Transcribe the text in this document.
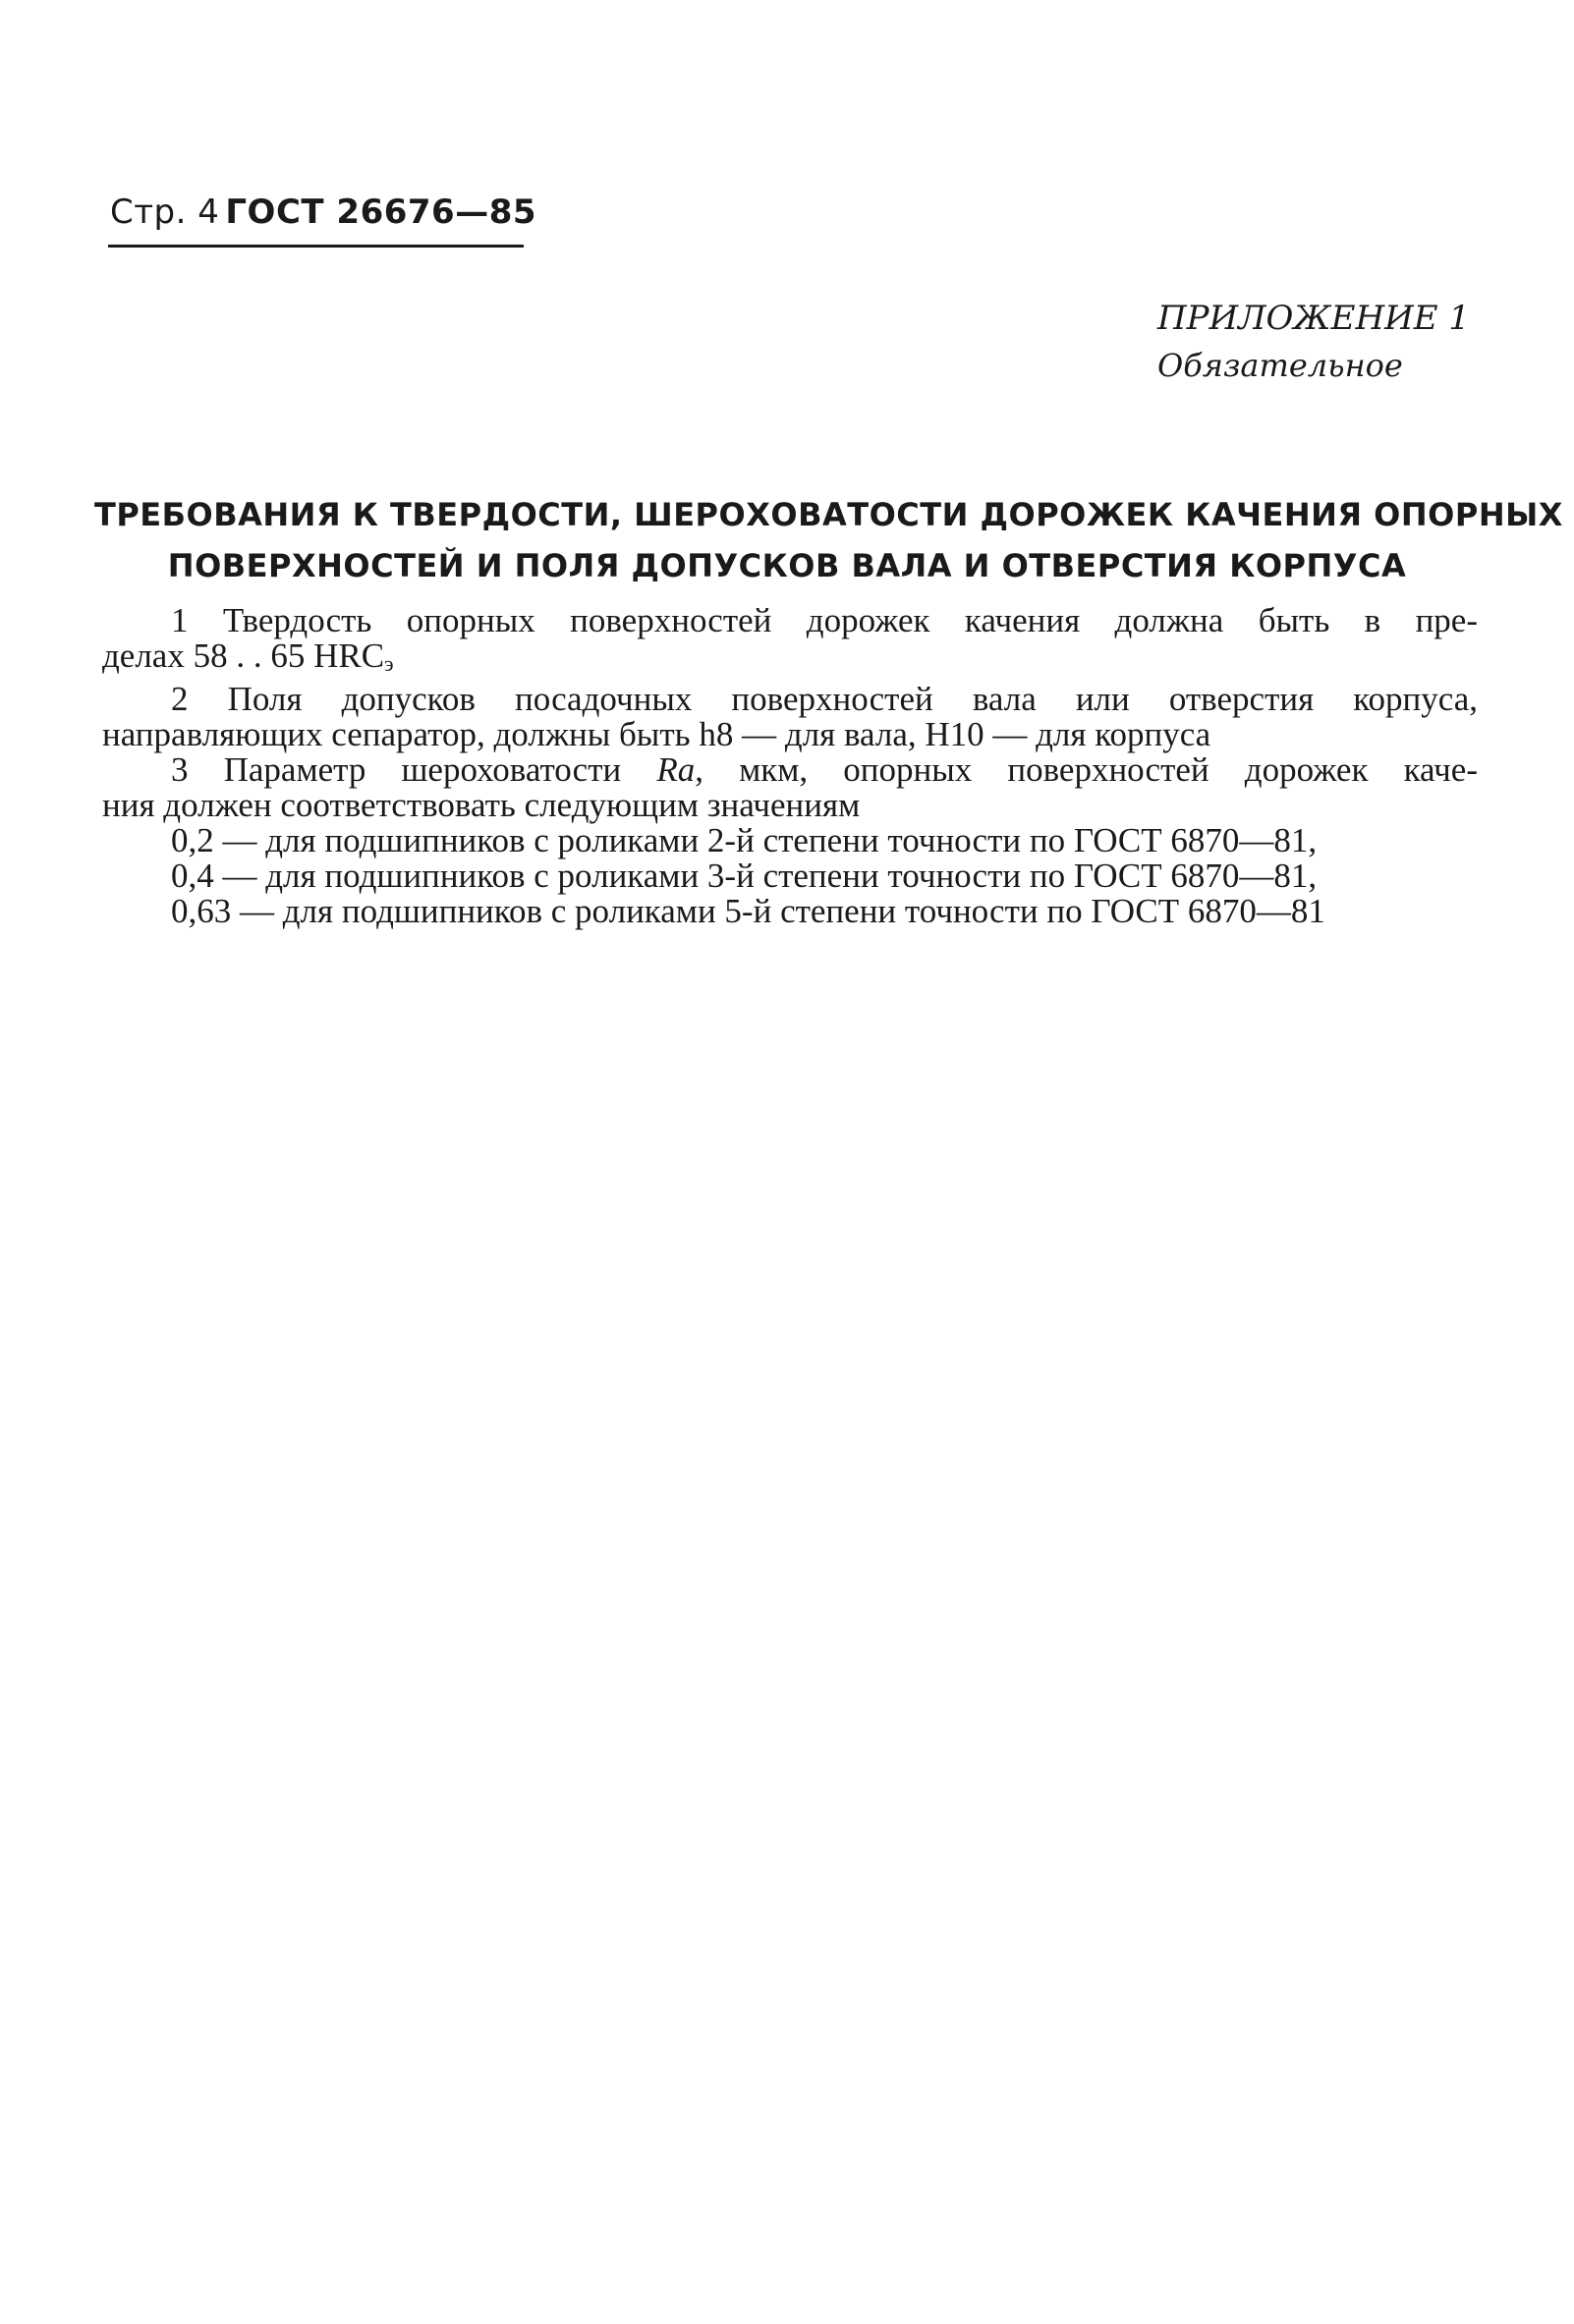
Стр. 4 ГОСТ 26676—85
ПРИЛОЖЕНИЕ 1
Обязательное
ТРЕБОВАНИЯ К ТВЕРДОСТИ, ШЕРОХОВАТОСТИ ДОРОЖЕК КАЧЕНИЯ ОПОРНЫХ
ПОВЕРХНОСТЕЙ И ПОЛЯ ДОПУСКОВ ВАЛА И ОТВЕРСТИЯ КОРПУСА
1 Твердость опорных поверхностей дорожек качения должна быть в пре-
делах 58 . . 65 HRCэ
2 Поля допусков посадочных поверхностей вала или отверстия корпуса,
направляющих сепаратор, должны быть h8 — для вала, H10 — для корпуса
3 Параметр шероховатости Ra, мкм, опорных поверхностей дорожек каче-
ния должен соответствовать следующим значениям
0,2 — для подшипников с роликами 2-й степени точности по ГОСТ 6870—81,
0,4 — для подшипников с роликами 3-й степени точности по ГОСТ 6870—81,
0,63 — для подшипников с роликами 5-й степени точности по ГОСТ 6870—81
